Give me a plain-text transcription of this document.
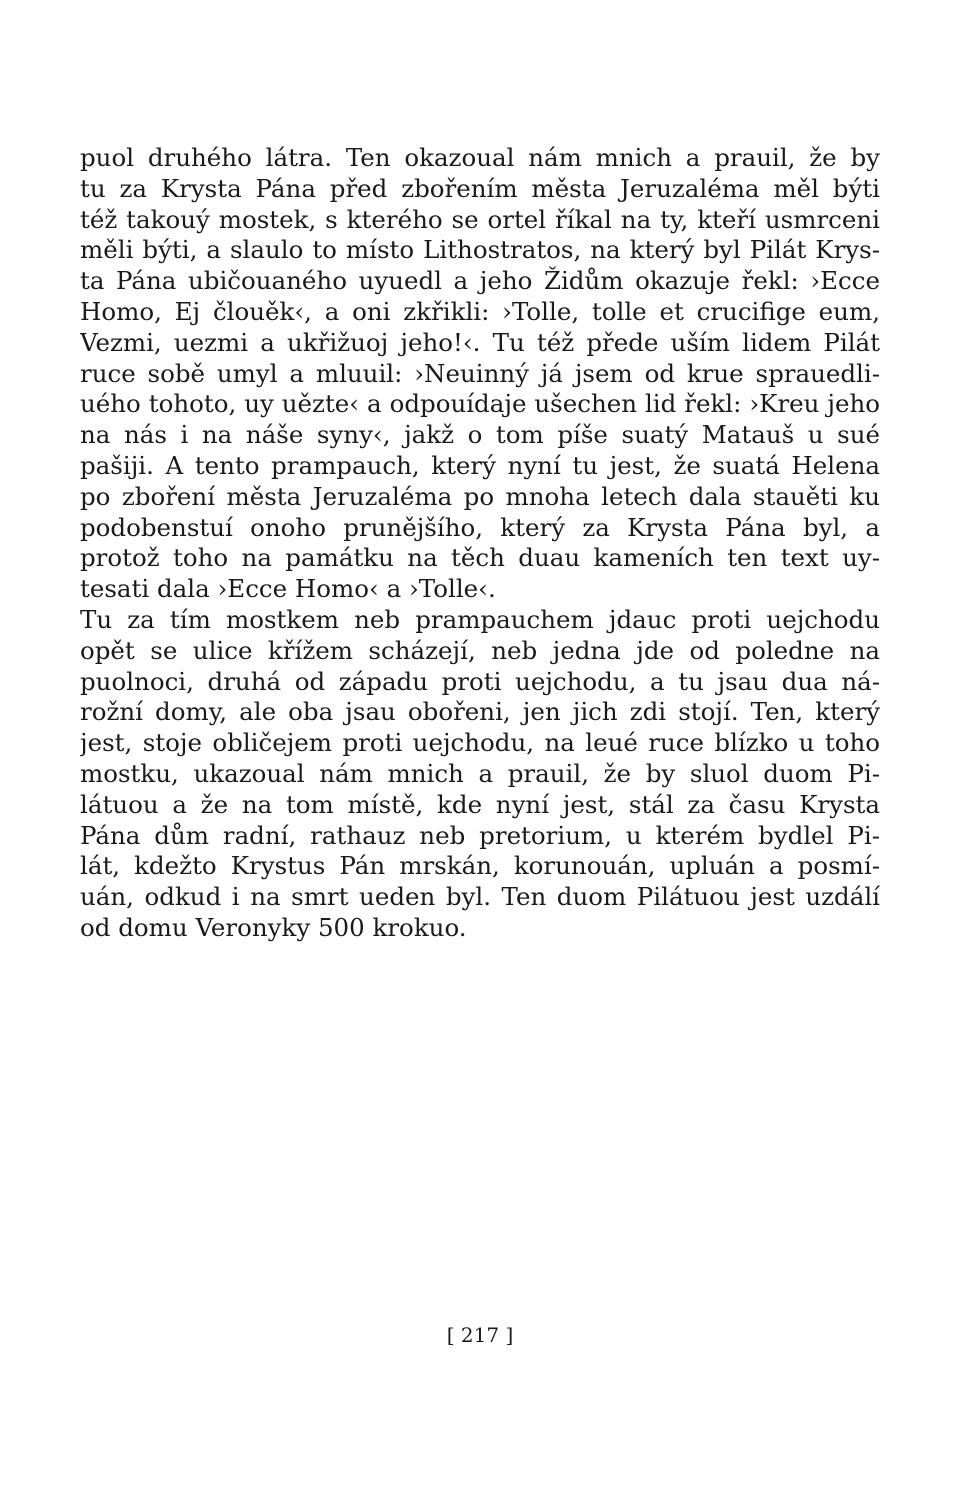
puol druhého látra. Ten okazoual nám mnich a prauil, že by
tu za Krysta Pána před zbořením města Jeruzaléma měl býti
též takouý mostek, s kterého se ortel říkal na ty, kteří usmrceni
měli býti, a slaulo to místo Lithostratos, na který byl Pilát Krys-
ta Pána ubičouaného uyuedl a jeho Židům okazuje řekl: ›Ecce
Homo, Ej člouěk‹, a oni zkřikli: ›Tolle, tolle et crucifige eum,
Vezmi, uezmi a ukřižuoj jeho!‹. Tu též přede uším lidem Pilát
ruce sobě umyl a mluuil: ›Neuinný já jsem od krue sprauedli-
uého tohoto, uy uězte‹ a odpouídaje ušechen lid řekl: ›Kreu jeho
na nás i na náše syny‹, jakž o tom píše suatý Matauš u sué
pašiji. A tento prampauch, který nyní tu jest, že suatá Helena
po zboření města Jeruzaléma po mnoha letech dala stauěti ku
podobenstuí onoho prunějšího, který za Krysta Pána byl, a
protož toho na památku na těch duau kameních ten text uy-
tesati dala ›Ecce Homo‹ a ›Tolle‹.
Tu za tím mostkem neb prampauchem jdauc proti uejchodu
opět se ulice křížem scházejí, neb jedna jde od poledne na
puolnoci, druhá od západu proti uejchodu, a tu jsau dua ná-
rožní domy, ale oba jsau obořeni, jen jich zdi stojí. Ten, který
jest, stoje obličejem proti uejchodu, na leué ruce blízko u toho
mostku, ukazoual nám mnich a prauil, že by sluol duom Pi-
látuou a že na tom místě, kde nyní jest, stál za času Krysta
Pána dům radní, rathauz neb pretorium, u kterém bydlel Pi-
lát, kdežto Krystus Pán mrskán, korunouán, upluán a posmí-
uán, odkud i na smrt ueden byl. Ten duom Pilátuou jest uzdálí
od domu Veronyky 500 krokuo.
[ 217 ]
